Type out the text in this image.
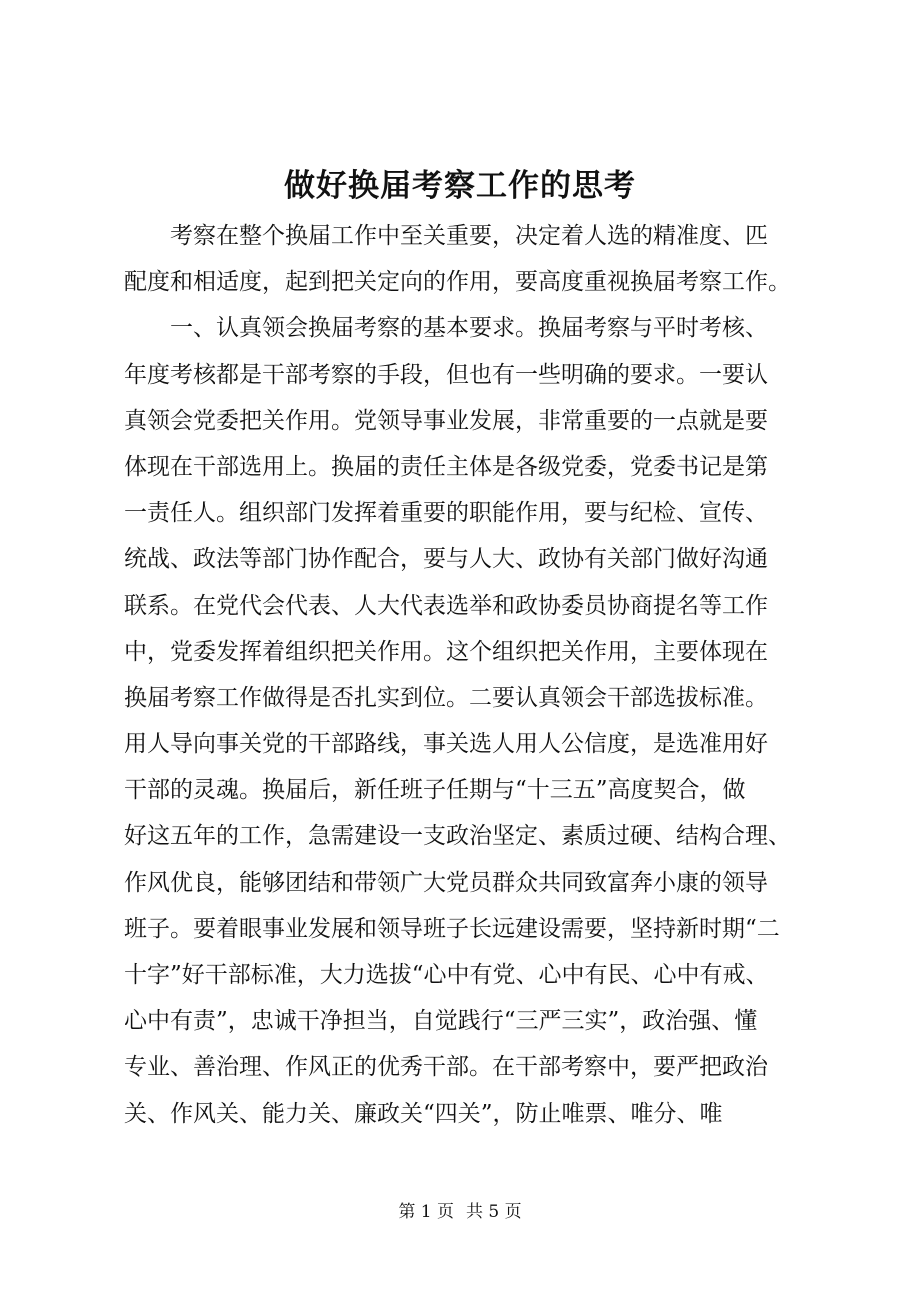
做好换届考察工作的思考
考察在整个换届工作中至关重要，决定着人选的精准度、匹
配度和相适度，起到把关定向的作用，要高度重视换届考察工作。
一、认真领会换届考察的基本要求。换届考察与平时考核、
年度考核都是干部考察的手段，但也有一些明确的要求。一要认
真领会党委把关作用。党领导事业发展，非常重要的一点就是要
体现在干部选用上。换届的责任主体是各级党委，党委书记是第
一责任人。组织部门发挥着重要的职能作用，要与纪检、宣传、
统战、政法等部门协作配合，要与人大、政协有关部门做好沟通
联系。在党代会代表、人大代表选举和政协委员协商提名等工作
中，党委发挥着组织把关作用。这个组织把关作用，主要体现在
换届考察工作做得是否扎实到位。二要认真领会干部选拔标准。
用人导向事关党的干部路线，事关选人用人公信度，是选准用好
干部的灵魂。换届后，新任班子任期与“十三五”高度契合，做
好这五年的工作，急需建设一支政治坚定、素质过硬、结构合理、
作风优良，能够团结和带领广大党员群众共同致富奔小康的领导
班子。要着眼事业发展和领导班子长远建设需要，坚持新时期“二
十字”好干部标准，大力选拔“心中有党、心中有民、心中有戒、
心中有责”，忠诚干净担当，自觉践行“三严三实”，政治强、懂
专业、善治理、作风正的优秀干部。在干部考察中，要严把政治
关、作风关、能力关、廉政关“四关”，防止唯票、唯分、唯
第 1 页 共 5 页
